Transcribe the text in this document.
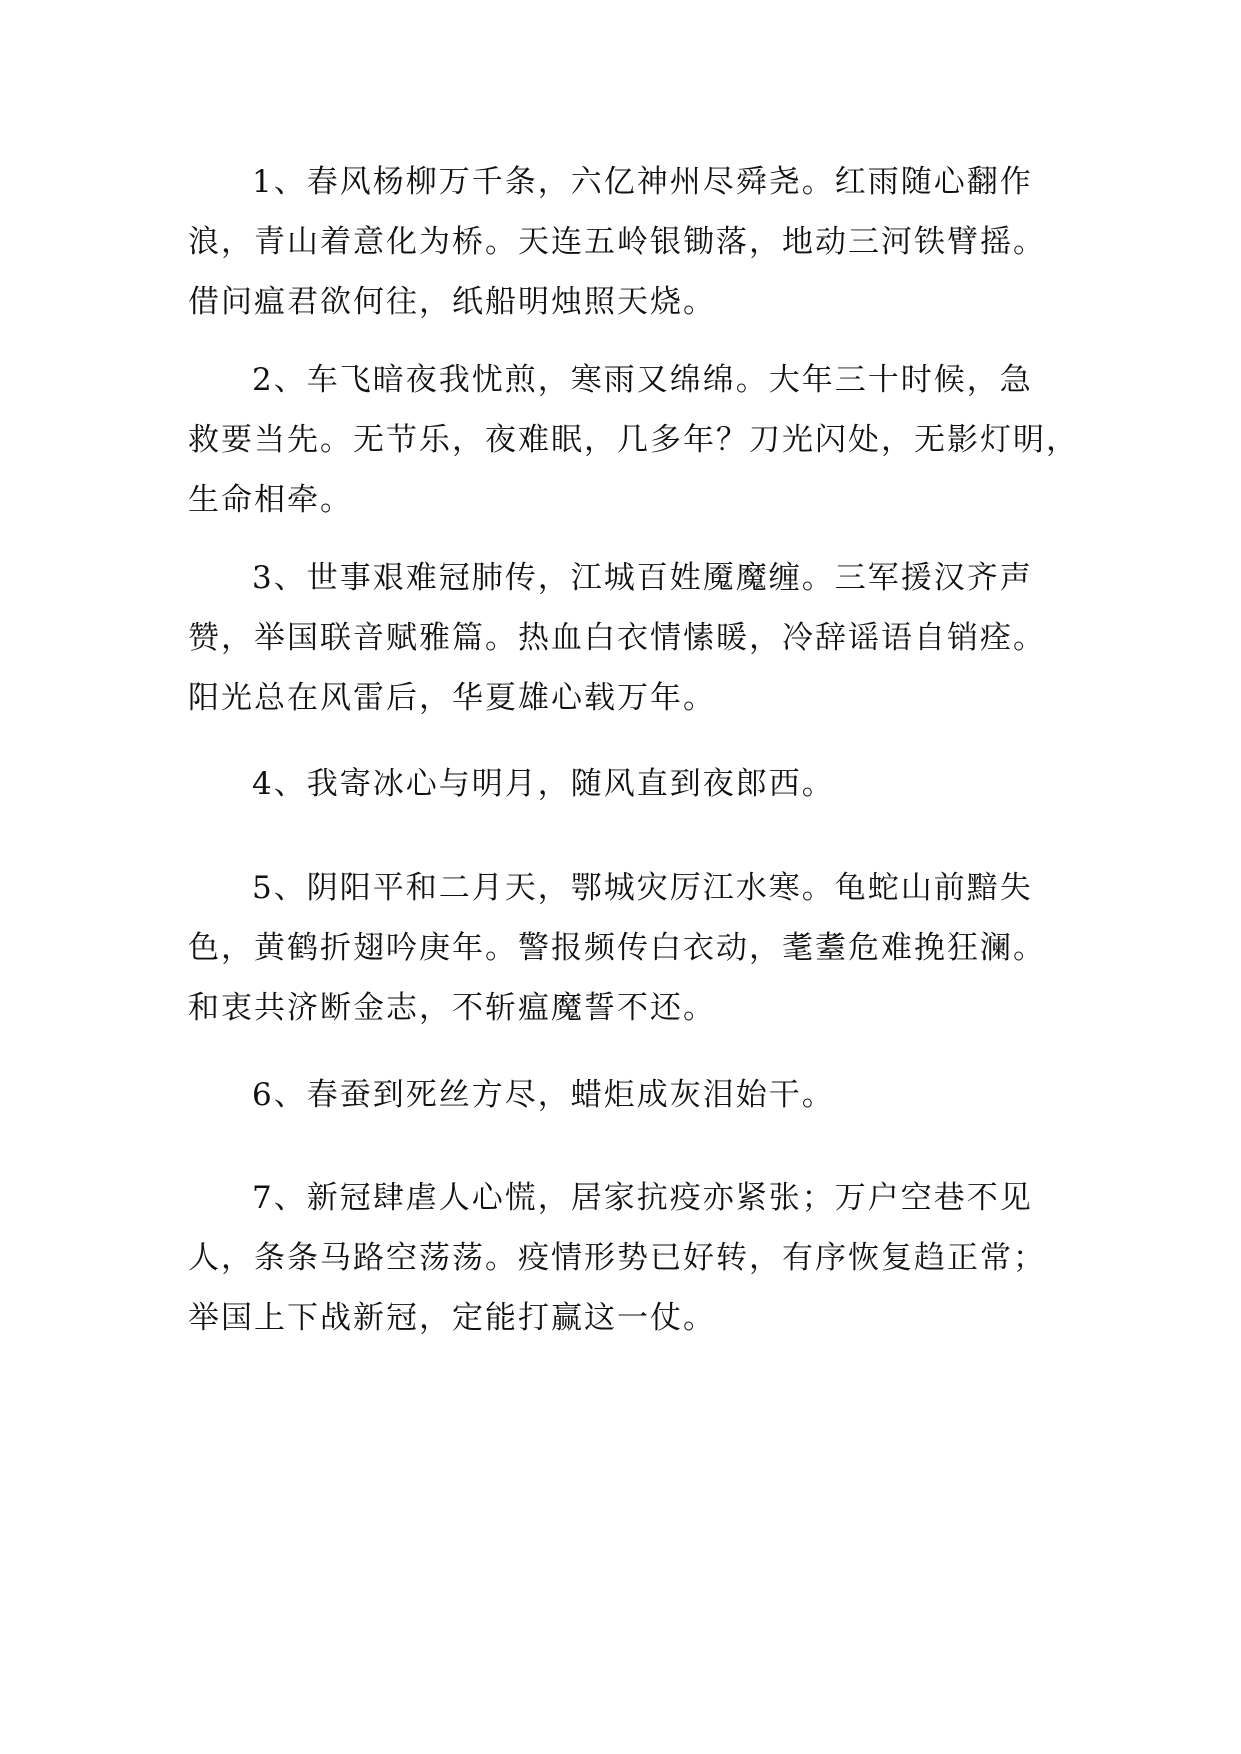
1、春风杨柳万千条，六亿神州尽舜尧。红雨随心翻作
浪，青山着意化为桥。天连五岭银锄落，地动三河铁臂摇。
借问瘟君欲何往，纸船明烛照天烧。
2、车飞暗夜我忧煎，寒雨又绵绵。大年三十时候，急
救要当先。无节乐，夜难眠，几多年？刀光闪处，无影灯明，
生命相牵。
3、世事艰难冠肺传，江城百姓魇魔缠。三军援汉齐声
赞，举国联音赋雅篇。热血白衣情愫暖，冷辞谣语自销痊。
阳光总在风雷后，华夏雄心载万年。
4、我寄冰心与明月，随风直到夜郎西。
5、阴阳平和二月天，鄂城灾厉江水寒。龟蛇山前黯失
色，黄鹤折翅吟庚年。警报频传白衣动，耄耋危难挽狂澜。
和衷共济断金志，不斩瘟魔誓不还。
6、春蚕到死丝方尽，蜡炬成灰泪始干。
7、新冠肆虐人心慌，居家抗疫亦紧张；万户空巷不见
人，条条马路空荡荡。疫情形势已好转，有序恢复趋正常；
举国上下战新冠，定能打赢这一仗。
